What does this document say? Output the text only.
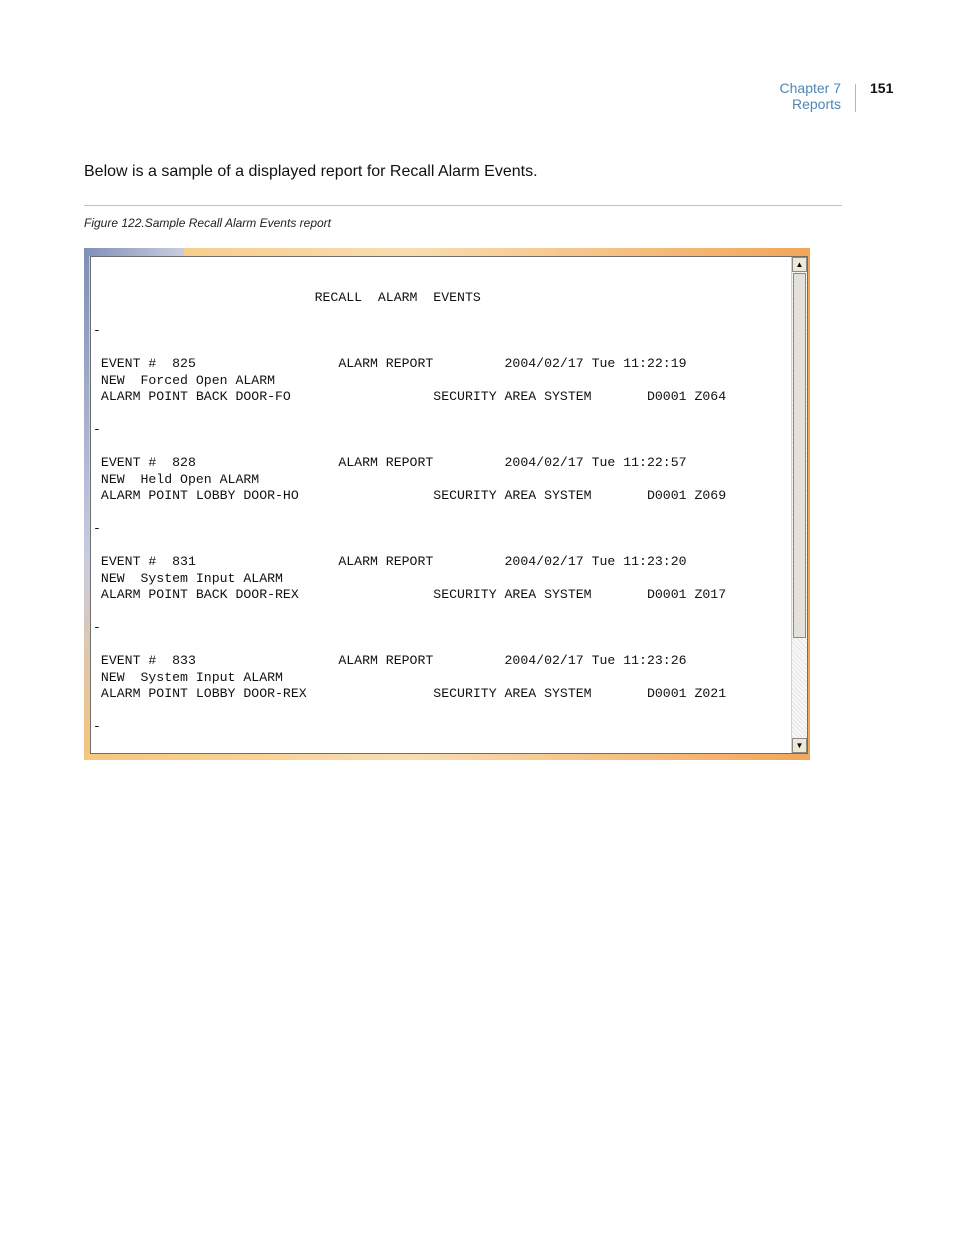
Chapter 7
Reports
151
Below is a sample of a displayed report for Recall Alarm Events.
Figure 122.Sample Recall Alarm Events report

RECALL  ALARM  EVENTS

-

EVENT #  825                  ALARM REPORT         2004/02/17 Tue 11:22:19
NEW  Forced Open ALARM
ALARM POINT BACK DOOR-FO                  SECURITY AREA SYSTEM       D0001 Z064

-

EVENT #  828                  ALARM REPORT         2004/02/17 Tue 11:22:57
NEW  Held Open ALARM
ALARM POINT LOBBY DOOR-HO                 SECURITY AREA SYSTEM       D0001 Z069

-

EVENT #  831                  ALARM REPORT         2004/02/17 Tue 11:23:20
NEW  System Input ALARM
ALARM POINT BACK DOOR-REX                 SECURITY AREA SYSTEM       D0001 Z017

-

EVENT #  833                  ALARM REPORT         2004/02/17 Tue 11:23:26
NEW  System Input ALARM
ALARM POINT LOBBY DOOR-REX                SECURITY AREA SYSTEM       D0001 Z021

-
▲
▼
